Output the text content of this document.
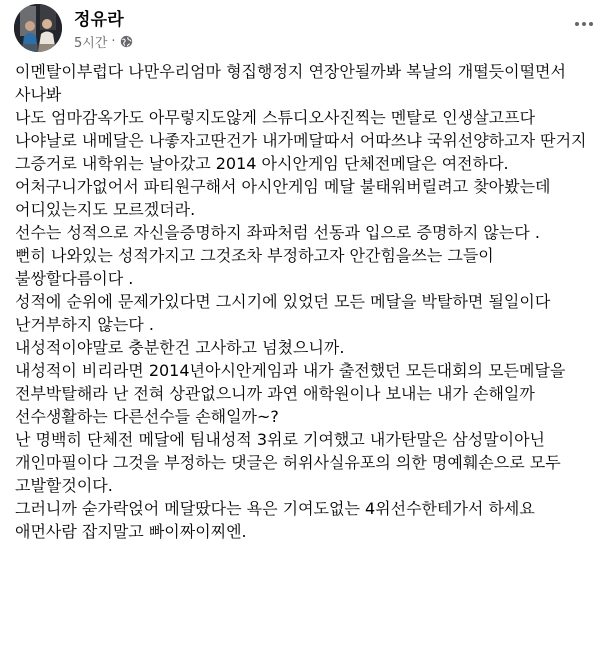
정유라
5시간 ·

이멘탈이부럽다 나만우리엄마 형집행정지 연장안될까봐 복날의 개떨듯이떨면서 사나봐

나도 엄마감옥가도 아무렇지도않게 스튜디오사진찍는 멘탈로 인생살고프다

나야날로 내메달은 나좋자고딴건가 내가메달따서 어따쓰냐 국위선양하고자 딴거지 그증거로 내학위는 날아갔고 2014 아시안게임 단체전메달은 여전하다.

어처구니가없어서 파티원구해서 아시안게임 메달 불태워버릴려고 찾아봤는데 어디있는지도 모르겠더라.

선수는 성적으로 자신을증명하지 좌파처럼 선동과 입으로 증명하지 않는다 .

뻔히 나와있는 성적가지고 그것조차 부정하고자 안간힘을쓰는 그들이 불쌍할다름이다 .

성적에 순위에 문제가있다면 그시기에 있었던 모든 메달을 박탈하면 될일이다 난거부하지 않는다 .

내성적이야말로 충분한건 고사하고 넘쳤으니까.

내성적이 비리라면 2014년아시안게임과 내가 출전했던 모든대회의 모든메달을 전부박탈해라 난 전혀 상관없으니까 과연 애학원이나 보내는 내가 손해일까 선수생활하는 다른선수들 손해일까~?

난 명백히 단체전 메달에 팀내성적 3위로 기여했고 내가탄말은 삼성말이아닌 개인마필이다 그것을 부정하는 댓글은 허위사실유포의 의한 명예훼손으로 모두 고발할것이다.

그러니까 숟가락얹어 메달땄다는 욕은 기여도없는 4위선수한테가서 하세요 애먼사람 잡지말고 빠이짜이찌엔.
